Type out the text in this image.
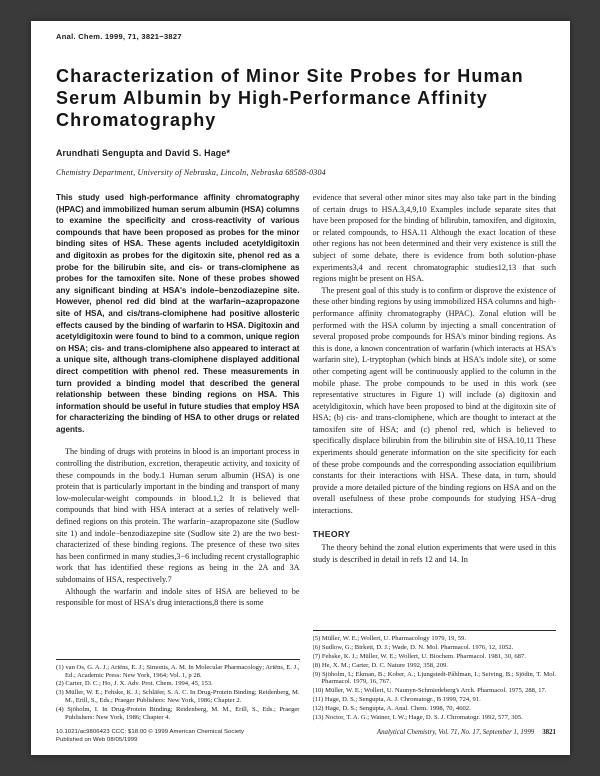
Anal. Chem. 1999, 71, 3821−3827
Characterization of Minor Site Probes for Human
Serum Albumin by High-Performance Affinity
Chromatography
Arundhati Sengupta and David S. Hage*
Chemistry Department, University of Nebraska, Lincoln, Nebraska 68588-0304
This study used high-performance affinity chromatography (HPAC) and immobilized human serum albumin (HSA) columns to examine the specificity and cross-reactivity of various compounds that have been proposed as probes for the minor binding sites of HSA. These agents included acetyldigitoxin and digitoxin as probes for the digitoxin site, phenol red as a probe for the bilirubin site, and cis- or trans-clomiphene as probes for the tamoxifen site. None of these probes showed any significant binding at HSA's indole−benzodiazepine site. However, phenol red did bind at the warfarin−azapropazone site of HSA, and cis/trans-clomiphene had positive allosteric effects caused by the binding of warfarin to HSA. Digitoxin and acetyldigitoxin were found to bind to a common, unique region on HSA; cis- and trans-clomiphene also appeared to interact at a unique site, although trans-clomiphene displayed additional direct competition with phenol red. These measurements in turn provided a binding model that described the general relationship between these binding regions on HSA. This information should be useful in future studies that employ HSA for characterizing the binding of HSA to other drugs or related agents.

The binding of drugs with proteins in blood is an important process in controlling the distribution, excretion, therapeutic activity, and toxicity of these compounds in the body.1 Human serum albumin (HSA) is one protein that is particularly important in the binding and transport of many low-molecular-weight compounds in blood.1,2 It is believed that compounds that bind with HSA interact at a series of relatively well-defined regions on this protein. The warfarin−azapropazone site (Sudlow site 1) and indole−benzodiazepine site (Sudlow site 2) are the two best-characterized of these binding regions. The presence of these two sites has been confirmed in many studies,3−6 including recent crystallographic work that has identified these regions as being in the 2A and 3A subdomains of HSA, respectively.7

Although the warfarin and indole sites of HSA are believed to be responsible for most of HSA's drug interactions,8 there is some

(1) van Os, G. A. J.; Ariëns, E. J.; Simonis, A. M. In Molecular Pharmacology; Ariëns, E. J., Ed.; Academic Press: New York, 1964; Vol. 1, p 28.
(2) Carter, D. C.; Ho, J. X. Adv. Prot. Chem. 1994, 45, 153.
(3) Müller, W. E.; Fehske, K. J.; Schläfer, S. A. C. In Drug-Protein Binding; Reidenberg, M. M., Erill, S., Eds.; Praeger Publishers: New York, 1986; Chapter 2.
(4) Sjöholm, I. In Drug-Protein Binding; Reidenberg, M. M., Erill, S., Eds.; Praeger Publishers: New York, 1986; Chapter 4.

evidence that several other minor sites may also take part in the binding of certain drugs to HSA.3,4,9,10 Examples include separate sites that have been proposed for the binding of bilirubin, tamoxifen, and digitoxin, or related compounds, to HSA.11 Although the exact location of these other regions has not been determined and their very existence is still the subject of some debate, there is evidence from both solution-phase experiments3,4 and recent chromatographic studies12,13 that such regions might be present on HSA.

The present goal of this study is to confirm or disprove the existence of these other binding regions by using immobilized HSA columns and high-performance affinity chromatography (HPAC). Zonal elution will be performed with the HSA column by injecting a small concentration of several proposed probe compounds for HSA's minor binding regions. As this is done, a known concentration of warfarin (which interacts at HSA's warfarin site), L-tryptophan (which binds at HSA's indole site), or some other competing agent will be continuously applied to the column in the mobile phase. The probe compounds to be used in this work (see representative structures in Figure 1) will include (a) digitoxin and acetyldigitoxin, which have been proposed to bind at the digitoxin site of HSA; (b) cis- and trans-clomiphene, which are thought to interact at the tamoxifen site of HSA; and (c) phenol red, which is believed to specifically displace bilirubin from the bilirubin site of HSA.10,11 These experiments should generate information on the site specificity for each of these probe compounds and the corresponding association equilibrium constants for their interactions with HSA. These data, in turn, should provide a more detailed picture of the binding regions on HSA and on the overall usefulness of these probe compounds for studying HSA−drug interactions.

THEORY

The theory behind the zonal elution experiments that were used in this study is described in detail in refs 12 and 14. In

(5) Müller, W. E.; Wollert, U. Pharmacology 1979, 19, 59.
(6) Sudlow, G.; Birkett, D. J.; Wade, D. N. Mol. Pharmacol. 1976, 12, 1052.
(7) Fehske, K. J.; Müller, W. E.; Wollert, U. Biochem. Pharmacol. 1981, 30, 687.
(8) He, X. M.; Carter, D. C. Nature 1992, 358, 209.
(9) Sjöholm, I.; Ekman, B.; Kober, A.; Ljungstedt-Påhlman, I.; Seiving, B.; Sjödin, T. Mol. Pharmacol. 1979, 16, 767.
(10) Müller, W. E.; Wollert, U. Naunyn-Schmiedeberg's Arch. Pharmacol. 1975, 288, 17.
(11) Hage, D. S.; Sengupta, A. J. Chromatogr., B 1999, 724, 91.
(12) Hage, D. S.; Sengupta, A. Anal. Chem. 1998, 70, 4602.
(13) Noctor, T. A. G.; Wainer, I. W.; Hage, D. S. J. Chromatogr. 1992, 577, 305.
10.1021/ac9806423 CCC: $18.00 © 1999 American Chemical Society
Published on Web 08/05/1999
Analytical Chemistry, Vol. 71, No. 17, September 1, 1999 3821
